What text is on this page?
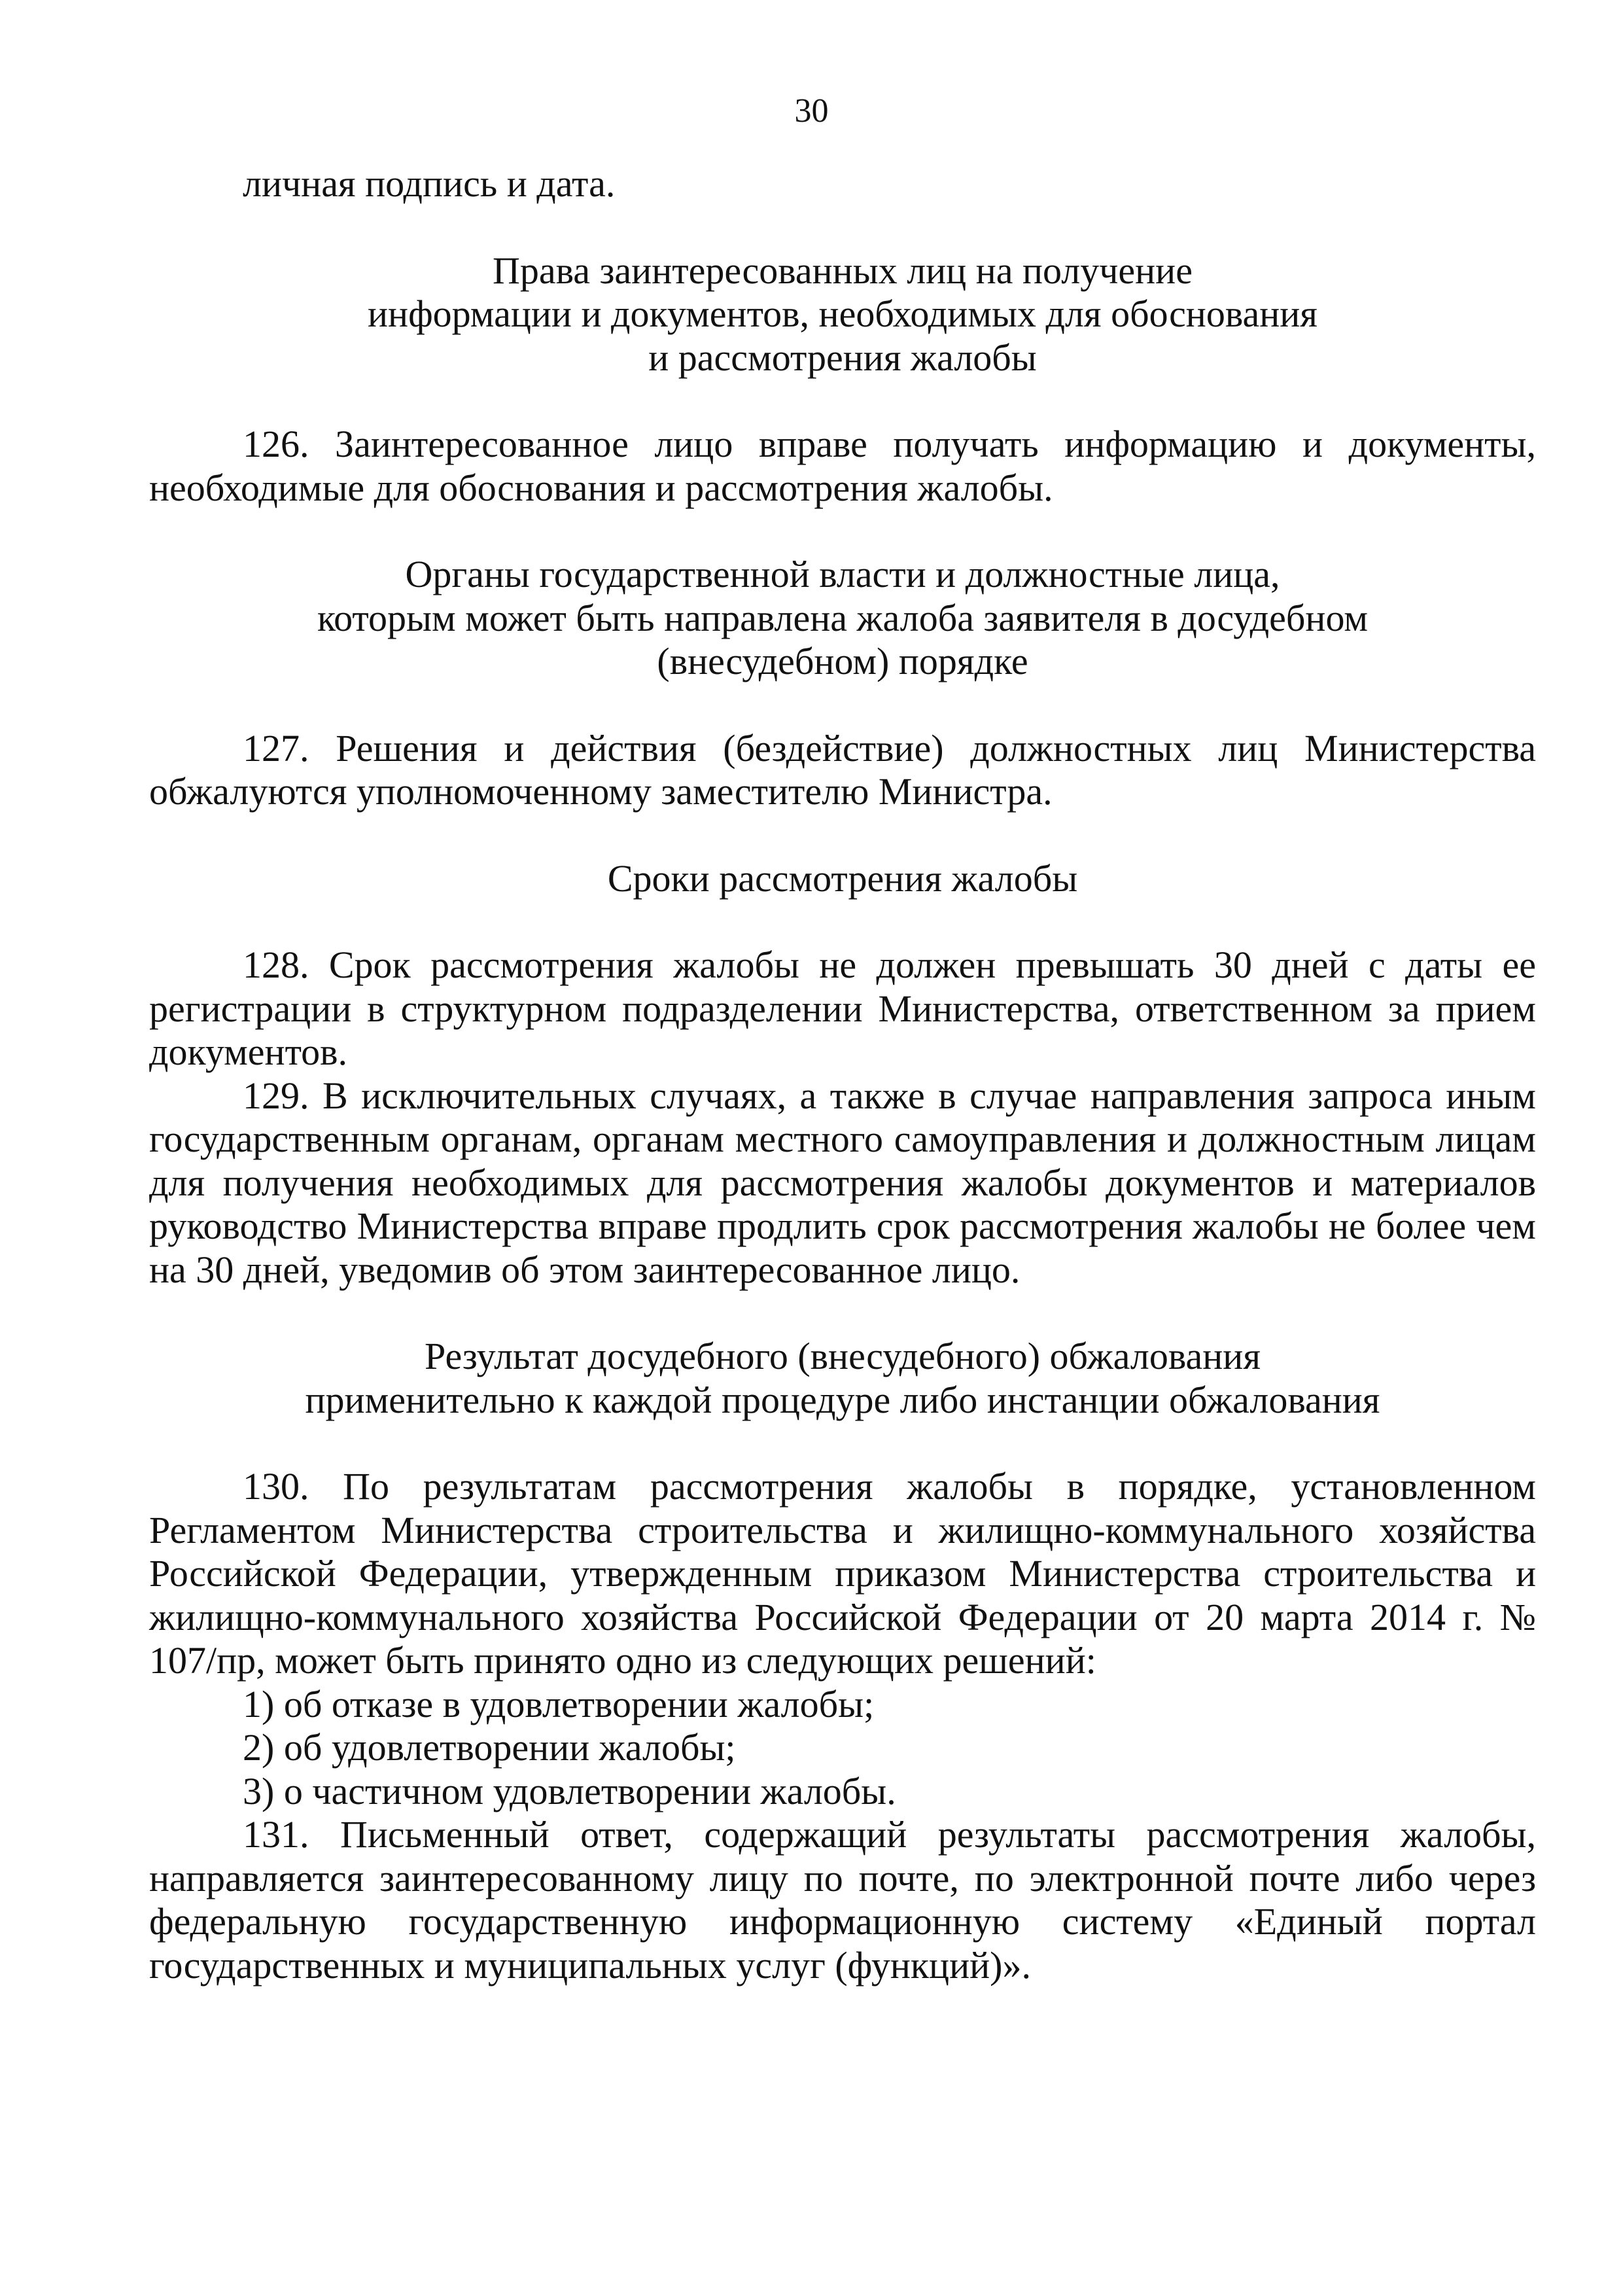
30

личная подпись и дата.

Права заинтересованных лиц на получение
информации и документов, необходимых для обоснования
и рассмотрения жалобы

126. Заинтересованное лицо вправе получать информацию и документы, необходимые для обоснования и рассмотрения жалобы.

Органы государственной власти и должностные лица,
которым может быть направлена жалоба заявителя в досудебном
(внесудебном) порядке

127. Решения и действия (бездействие) должностных лиц Министерства обжалуются уполномоченному заместителю Министра.

Сроки рассмотрения жалобы

128. Срок рассмотрения жалобы не должен превышать 30 дней с даты ее регистрации в структурном подразделении Министерства, ответственном за прием документов.

129. В исключительных случаях, а также в случае направления запроса иным государственным органам, органам местного самоуправления и должностным лицам для получения необходимых для рассмотрения жалобы документов и материалов руководство Министерства вправе продлить срок рассмотрения жалобы не более чем на 30 дней, уведомив об этом заинтересованное лицо.

Результат досудебного (внесудебного) обжалования
применительно к каждой процедуре либо инстанции обжалования

130. По результатам рассмотрения жалобы в порядке, установленном Регламентом Министерства строительства и жилищно-коммунального хозяйства Российской Федерации, утвержденным приказом Министерства строительства и жилищно-коммунального хозяйства Российской Федерации от 20 марта 2014 г. № 107/пр, может быть принято одно из следующих решений:

1) об отказе в удовлетворении жалобы;

2) об удовлетворении жалобы;

3) о частичном удовлетворении жалобы.

131. Письменный ответ, содержащий результаты рассмотрения жалобы, направляется заинтересованному лицу по почте, по электронной почте либо через федеральную государственную информационную систему «Единый портал государственных и муниципальных услуг (функций)».
